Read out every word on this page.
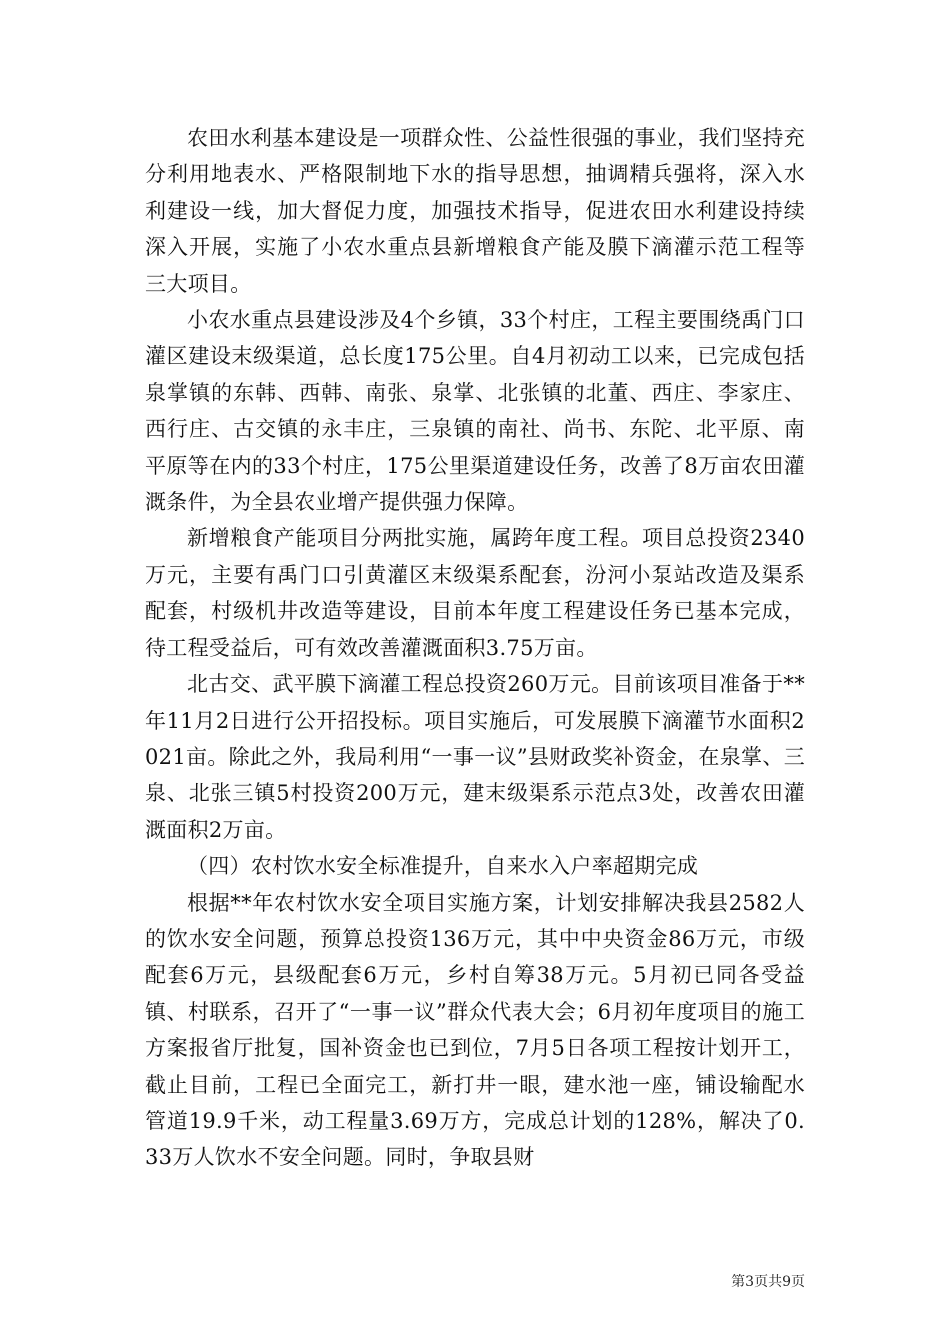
农田水利基本建设是一项群众性、公益性很强的事业，我们坚持充分利用地表水、严格限制地下水的指导思想，抽调精兵强将，深入水利建设一线，加大督促力度，加强技术指导，促进农田水利建设持续深入开展，实施了小农水重点县新增粮食产能及膜下滴灌示范工程等三大项目。

小农水重点县建设涉及4个乡镇，33个村庄，工程主要围绕禹门口灌区建设末级渠道，总长度175公里。自4月初动工以来，已完成包括泉掌镇的东韩、西韩、南张、泉掌、北张镇的北董、西庄、李家庄、西行庄、古交镇的永丰庄，三泉镇的南社、尚书、东陀、北平原、南平原等在内的33个村庄，175公里渠道建设任务，改善了8万亩农田灌溉条件，为全县农业增产提供强力保障。

新增粮食产能项目分两批实施，属跨年度工程。项目总投资2340万元，主要有禹门口引黄灌区末级渠系配套，汾河小泵站改造及渠系配套，村级机井改造等建设，目前本年度工程建设任务已基本完成，待工程受益后，可有效改善灌溉面积3.75万亩。

北古交、武平膜下滴灌工程总投资260万元。目前该项目准备于**年11月2日进行公开招投标。项目实施后，可发展膜下滴灌节水面积2021亩。除此之外，我局利用“一事一议”县财政奖补资金，在泉掌、三泉、北张三镇5村投资200万元，建末级渠系示范点3处，改善农田灌溉面积2万亩。

（四）农村饮水安全标准提升，自来水入户率超期完成

根据**年农村饮水安全项目实施方案，计划安排解决我县2582人的饮水安全问题，预算总投资136万元，其中中央资金86万元，市级配套6万元，县级配套6万元，乡村自筹38万元。5月初已同各受益镇、村联系，召开了“一事一议”群众代表大会；6月初年度项目的施工方案报省厅批复，国补资金也已到位，7月5日各项工程按计划开工，截止目前，工程已全面完工，新打井一眼，建水池一座，铺设输配水管道19.9千米，动工程量3.69万方，完成总计划的128%，解决了0.33万人饮水不安全问题。同时，争取县财

第3页共9页
